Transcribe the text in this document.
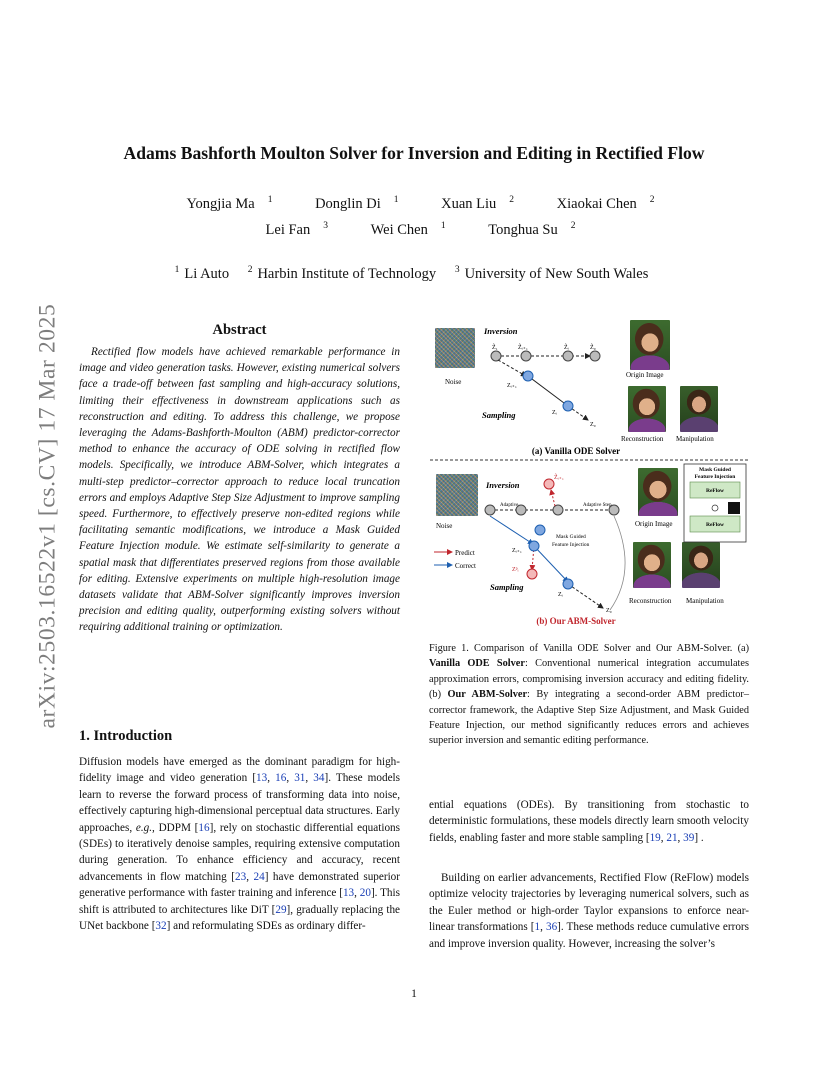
arXiv:2503.16522v1 [cs.CV] 17 Mar 2025
Adams Bashforth Moulton Solver for Inversion and Editing in Rectified Flow
Yongjia Ma $^1$	Donglin Di $^1$	Xuan Liu $^2$	Xiaokai Chen $^2$
Lei Fan $^3$	Wei Chen $^1$	Tonghua Su $^2$
$^1$ Li Auto $^2$ Harbin Institute of Technology $^3$ University of New South Wales
Abstract
Rectified flow models have achieved remarkable performance in image and video generation tasks. However, existing numerical solvers face a trade-off between fast sampling and high-accuracy solutions, limiting their effectiveness in downstream applications such as reconstruction and editing. To address this challenge, we propose leveraging the Adams-Bashforth-Moulton (ABM) predictor-corrector method to enhance the accuracy of ODE solving in rectified flow models. Specifically, we introduce ABM-Solver, which integrates a multi-step predictor–corrector approach to reduce local truncation errors and employs Adaptive Step Size Adjustment to improve sampling speed. Furthermore, to effectively preserve non-edited regions while facilitating semantic modifications, we introduce a Mask Guided Feature Injection module. We estimate self-similarity to generate a spatial mask that differentiates preserved regions from those available for editing. Extensive experiments on multiple high-resolution image datasets validate that ABM-Solver significantly improves inversion precision and editing quality, outperforming existing solvers without requiring additional training or optimization.
1. Introduction
Diffusion models have emerged as the dominant paradigm for high-fidelity image and video generation [13, 16, 31, 34]. These models learn to reverse the forward process of transforming data into noise, effectively capturing high-dimensional perceptual data structures. Early approaches, e.g., DDPM [16], rely on stochastic differential equations (SDEs) to iteratively denoise samples, requiring extensive computation during generation. To enhance efficiency and accuracy, recent advancements in flow matching [23, 24] have demonstrated superior generative performance with faster training and inference [13, 20]. This shift is attributed to architectures like DiT [29], gradually replacing the UNet backbone [32] and reformulating SDEs as ordinary differ-
Inversion
Z̃₁	Z̃ᵢ₊₁	Z̃ᵢ	Z̃₀
Zᵢ₊₁
Zᵢ
Z₀
Sampling
Noise
Origin Image
Reconstruction Manipulation
(a) Vanilla ODE Solver
Inversion
Z̃ᵢ₊₁
Adaptive	Adaptive Step
Zᵢ₊₁
Zᵖᵢ
Zᵢ
Z₀
Mask Guided
Feature Injection
Noise
Predict
Correct
Sampling
Origin Image
Reconstruction Manipulation
Mask Guided
Feature Injection
ReFlow
ReFlow
(b) Our ABM-Solver
Figure 1. Comparison of Vanilla ODE Solver and Our ABM-Solver. (a) Vanilla ODE Solver: Conventional numerical integration accumulates approximation errors, compromising inversion accuracy and editing fidelity. (b) Our ABM-Solver: By integrating a second-order ABM predictor–corrector framework, the Adaptive Step Size Adjustment, and Mask Guided Feature Injection, our method significantly reduces errors and achieves superior inversion and semantic editing performance.
ential equations (ODEs). By transitioning from stochastic to deterministic formulations, these models directly learn smooth velocity fields, enabling faster and more stable sampling [19, 21, 39] .
Building on earlier advancements, Rectified Flow (ReFlow) models optimize velocity trajectories by leveraging numerical solvers, such as the Euler method or high-order Taylor expansions to enforce near-linear transformations [1, 36]. These methods reduce cumulative errors and improve inversion quality. However, increasing the solver’s
1
